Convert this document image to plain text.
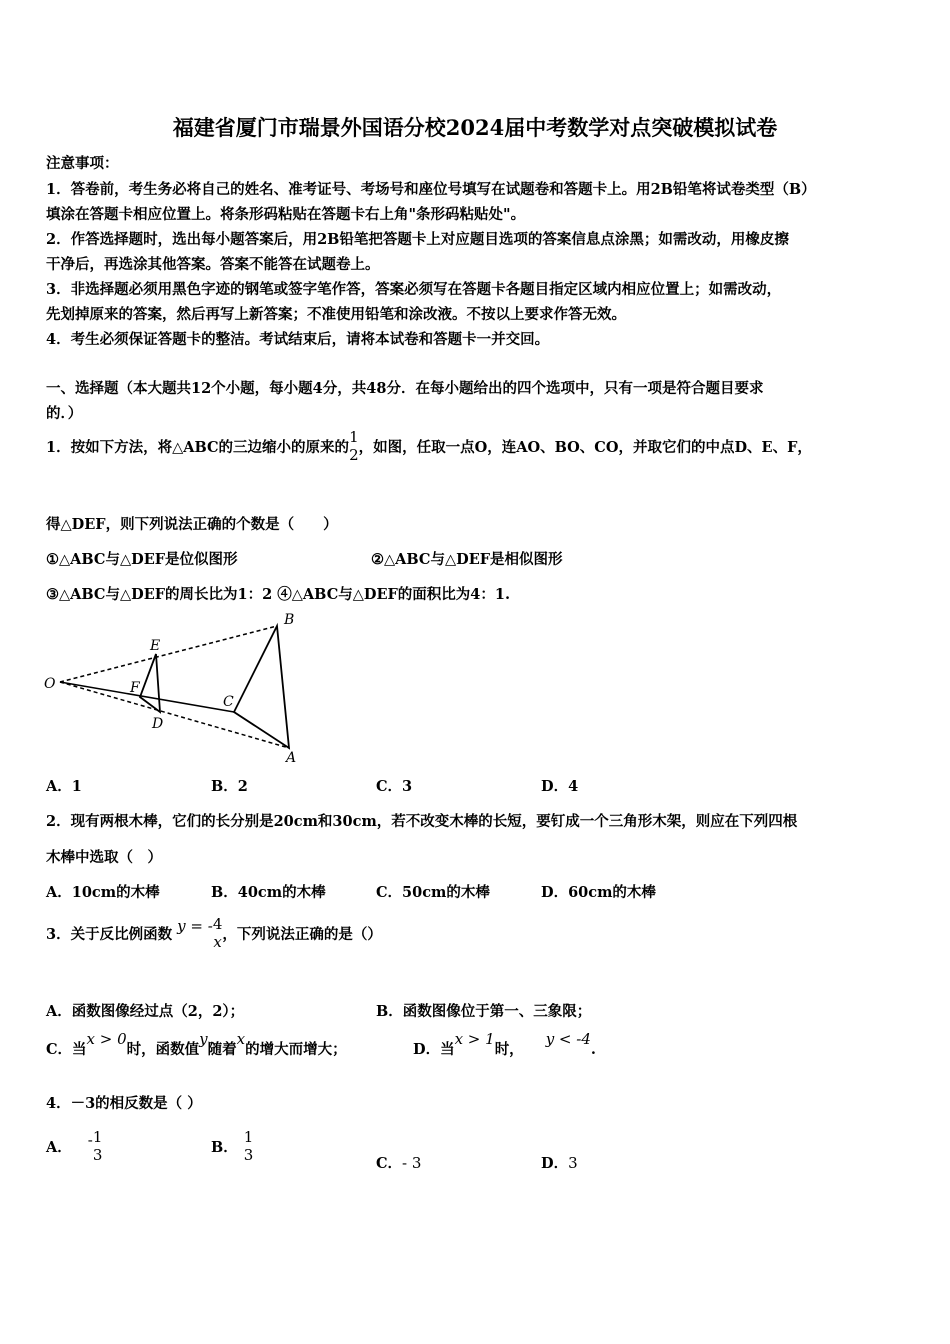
福建省厦门市瑞景外国语分校2024届中考数学对点突破模拟试卷
注意事项：
1．答卷前，考生务必将自己的姓名、准考证号、考场号和座位号填写在试题卷和答题卡上。用2B铅笔将试卷类型（B）
填涂在答题卡相应位置上。将条形码粘贴在答题卡右上角"条形码粘贴处"。
2．作答选择题时，选出每小题答案后，用2B铅笔把答题卡上对应题目选项的答案信息点涂黑；如需改动，用橡皮擦
干净后，再选涂其他答案。答案不能答在试题卷上。
3．非选择题必须用黑色字迹的钢笔或签字笔作答，答案必须写在答题卡各题目指定区域内相应位置上；如需改动，
先划掉原来的答案，然后再写上新答案；不准使用铅笔和涂改液。不按以上要求作答无效。
4．考生必须保证答题卡的整洁。考试结束后，请将本试卷和答题卡一并交回。
一、选择题（本大题共12个小题，每小题4分，共48分．在每小题给出的四个选项中，只有一项是符合题目要求
的．）
1．按如下方法，将△ABC的三边缩小的原来的
1
2 ，如图，任取一点O，连AO、BO、CO，并取它们的中点D、E、F，
得△DEF，则下列说法正确的个数是（　　）
①△ABC与△DEF是位似图形	②△ABC与△DEF是相似图形
③△ABC与△DEF的周长比为1：2 ④△ABC与△DEF的面积比为4：1.
O
E
F
D
C
B
A
A．1	B．2	C．3	D．4
2．现有两根木棒，它们的长分别是20cm和30cm，若不改变木棒的长短，要钉成一个三角形木架，则应在下列四根
木棒中选取（　）
A．10cm的木棒	B．40cm的木棒	C．50cm的木棒	D．60cm的木棒
3．关于反比例函数 y = - 4
x ，下列说法正确的是（）
A．函数图像经过点（2，2）；	B．函数图像位于第一、三象限；
C．当x > 0时，函数值y随着x的增大而增大；	D．当x > 1时，y < -4.
4．－3的相反数是（ ）
A． - 1
3	B．
1
3	C．- 3	D．3
